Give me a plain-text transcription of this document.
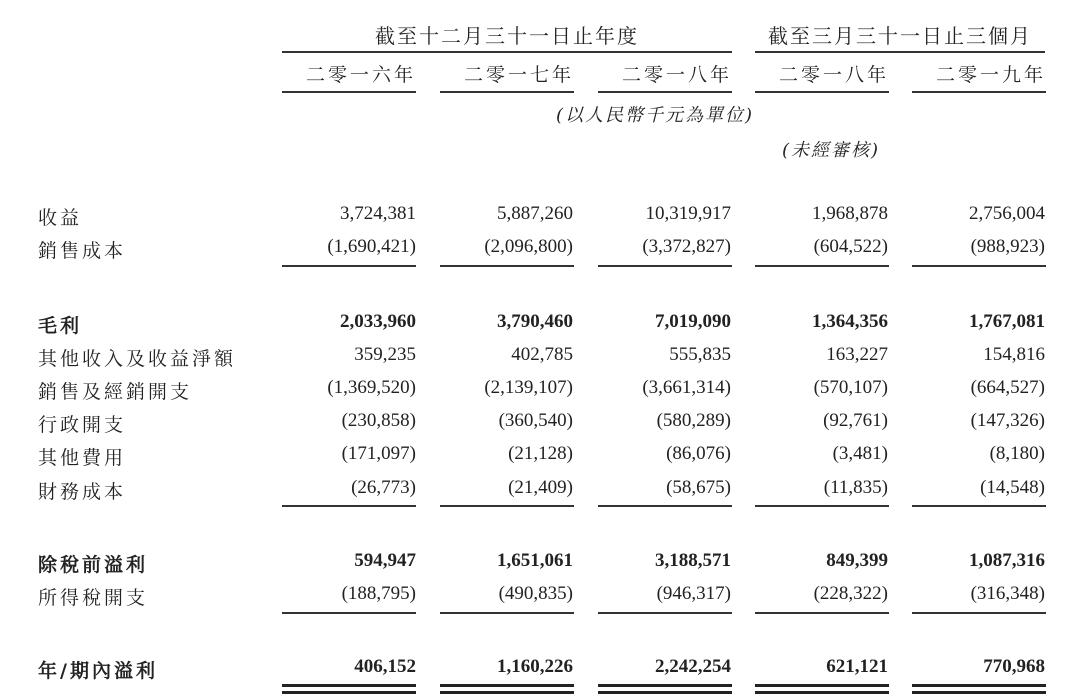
截至十二月三十一日止年度	截至三月三十一日止三個月
二零一六年	二零一七年	二零一八年	二零一八年	二零一九年
(以人民幣千元為單位)
(未經審核)
收益	3,724,381	5,887,260	10,319,917	1,968,878	2,756,004
銷售成本	(1,690,421)	(2,096,800)	(3,372,827)	(604,522)	(988,923)
毛利	2,033,960	3,790,460	7,019,090	1,364,356	1,767,081
其他收入及收益淨額	359,235	402,785	555,835	163,227	154,816
銷售及經銷開支	(1,369,520)	(2,139,107)	(3,661,314)	(570,107)	(664,527)
行政開支	(230,858)	(360,540)	(580,289)	(92,761)	(147,326)
其他費用	(171,097)	(21,128)	(86,076)	(3,481)	(8,180)
財務成本	(26,773)	(21,409)	(58,675)	(11,835)	(14,548)
除稅前溢利	594,947	1,651,061	3,188,571	849,399	1,087,316
所得稅開支	(188,795)	(490,835)	(946,317)	(228,322)	(316,348)
年/期內溢利	406,152	1,160,226	2,242,254	621,121	770,968
